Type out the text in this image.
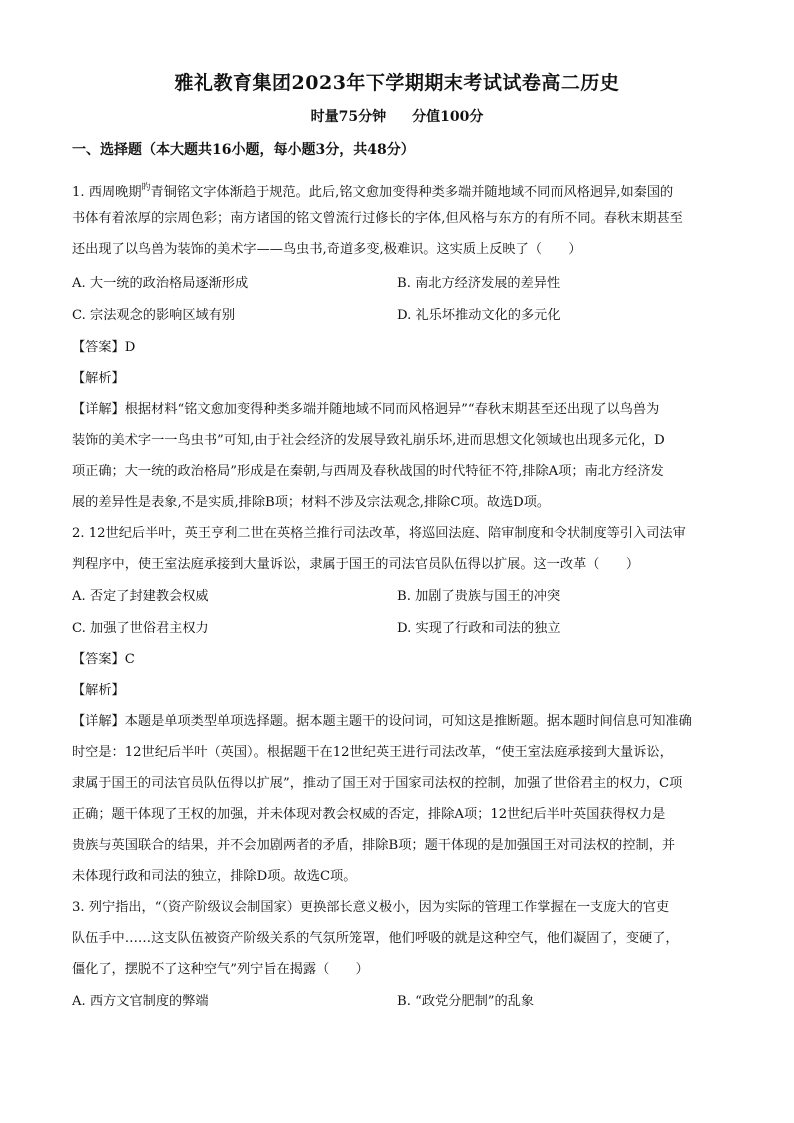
雅礼教育集团2023年下学期期末考试试卷高二历史
时量75分钟 分值100分
一、选择题（本大题共16小题，每小题3分，共48分）
1. 西周晚期$^旳$青铜铭文字体渐趋于规范。此后,铭文愈加变得种类多端并随地域不同而风格迥异,如秦国的
书体有着浓厚的宗周色彩；南方诸国的铭文曾流行过修长的字体,但风格与东方的有所不同。春秋末期甚至
还出现了以鸟兽为装饰的美术字——鸟虫书,奇道多变,极难识。这实质上反映了（　　）
A. 大一统的政治格局逐渐形成	B. 南北方经济发展的差异性
C. 宗法观念的影响区域有别	D. 礼乐坏推动文化的多元化
【答案】D
【解析】
【详解】根据材料“铭文愈加变得种类多端并随地域不同而风格迥异”“春秋末期甚至还出现了以鸟兽为
装饰的美术字一一鸟虫书”可知,由于社会经济的发展导致礼崩乐坏,进而思想文化领域也出现多元化，D
项正确；大一统的政治格局”形成是在秦朝,与西周及春秋战国的时代特征不符,排除A项；南北方经济发
展的差异性是表象,不是实质,排除B项；材料不涉及宗法观念,排除C项。故选D项。
2. 12世纪后半叶，英王亨利二世在英格兰推行司法改革，将巡回法庭、陪审制度和令状制度等引入司法审
判程序中，使王室法庭承接到大量诉讼，隶属于国王的司法官员队伍得以扩展。这一改革（　　）
A. 否定了封建教会权威	B. 加剧了贵族与国王的冲突
C. 加强了世俗君主权力	D. 实现了行政和司法的独立
【答案】C
【解析】
【详解】本题是单项类型单项选择题。据本题主题干的设问词，可知这是推断题。据本题时间信息可知准确
时空是：12世纪后半叶（英国）。根据题干在12世纪英王进行司法改革，“使王室法庭承接到大量诉讼，
隶属于国王的司法官员队伍得以扩展”，推动了国王对于国家司法权的控制，加强了世俗君主的权力，C项
正确；题干体现了王权的加强，并未体现对教会权威的否定，排除A项；12世纪后半叶英国获得权力是
贵族与英国联合的结果，并不会加剧两者的矛盾，排除B项；题干体现的是加强国王对司法权的控制，并
未体现行政和司法的独立，排除D项。故选C项。
3. 列宁指出，“（资产阶级议会制国家）更换部长意义极小，因为实际的管理工作掌握在一支庞大的官吏
队伍手中……这支队伍被资产阶级关系的气氛所笼罩，他们呼吸的就是这种空气，他们凝固了，变硬了，
僵化了，摆脱不了这种空气”列宁旨在揭露（　　）
A. 西方文官制度的弊端	B. “政党分肥制”的乱象
